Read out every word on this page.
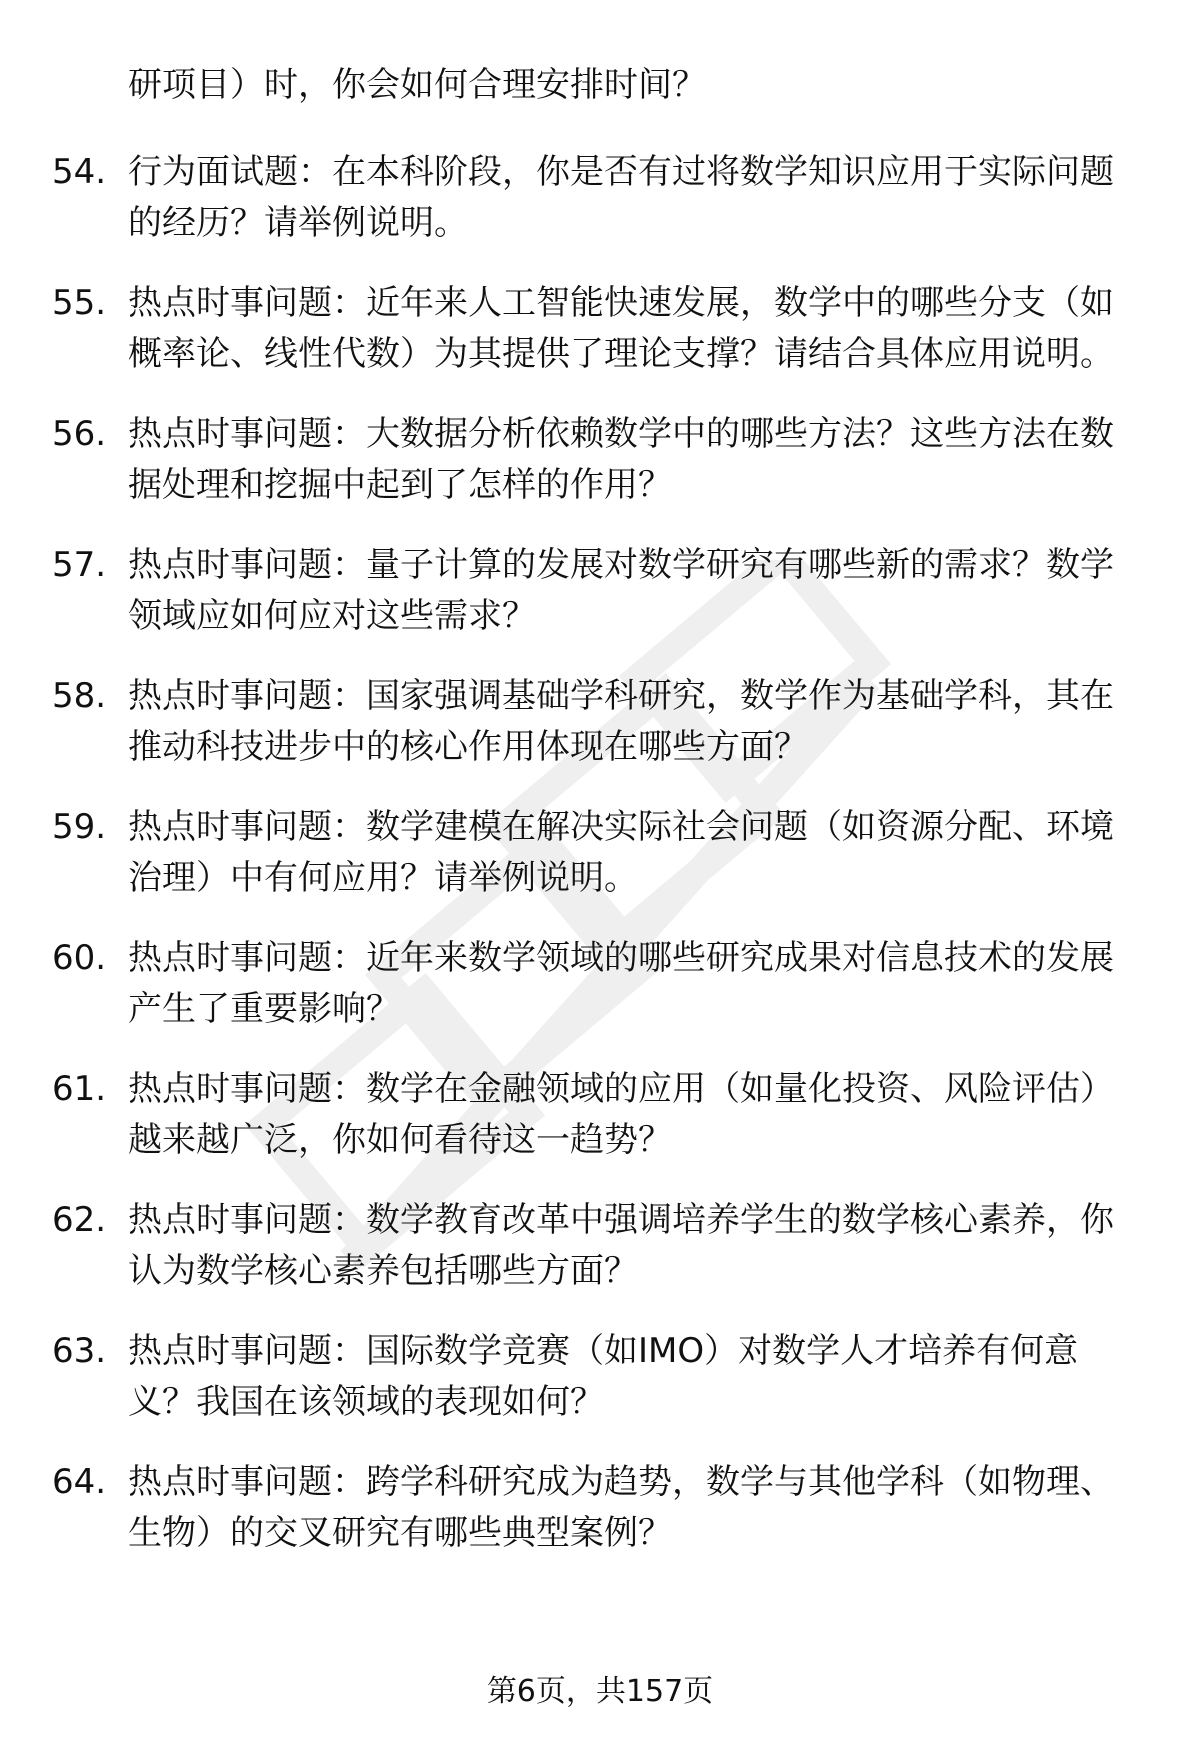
研项目）时，你会如何合理安排时间？

54. 行为面试题：在本科阶段，你是否有过将数学知识应用于实际问题的经历？请举例说明。
55. 热点时事问题：近年来人工智能快速发展，数学中的哪些分支（如概率论、线性代数）为其提供了理论支撑？请结合具体应用说明。
56. 热点时事问题：大数据分析依赖数学中的哪些方法？这些方法在数据处理和挖掘中起到了怎样的作用？
57. 热点时事问题：量子计算的发展对数学研究有哪些新的需求？数学领域应如何应对这些需求？
58. 热点时事问题：国家强调基础学科研究，数学作为基础学科，其在推动科技进步中的核心作用体现在哪些方面？
59. 热点时事问题：数学建模在解决实际社会问题（如资源分配、环境治理）中有何应用？请举例说明。
60. 热点时事问题：近年来数学领域的哪些研究成果对信息技术的发展产生了重要影响？
61. 热点时事问题：数学在金融领域的应用（如量化投资、风险评估）越来越广泛，你如何看待这一趋势？
62. 热点时事问题：数学教育改革中强调培养学生的数学核心素养，你认为数学核心素养包括哪些方面？
63. 热点时事问题：国际数学竞赛（如IMO）对数学人才培养有何意义？我国在该领域的表现如何？
64. 热点时事问题：跨学科研究成为趋势，数学与其他学科（如物理、生物）的交叉研究有哪些典型案例？
第6页，共157页
